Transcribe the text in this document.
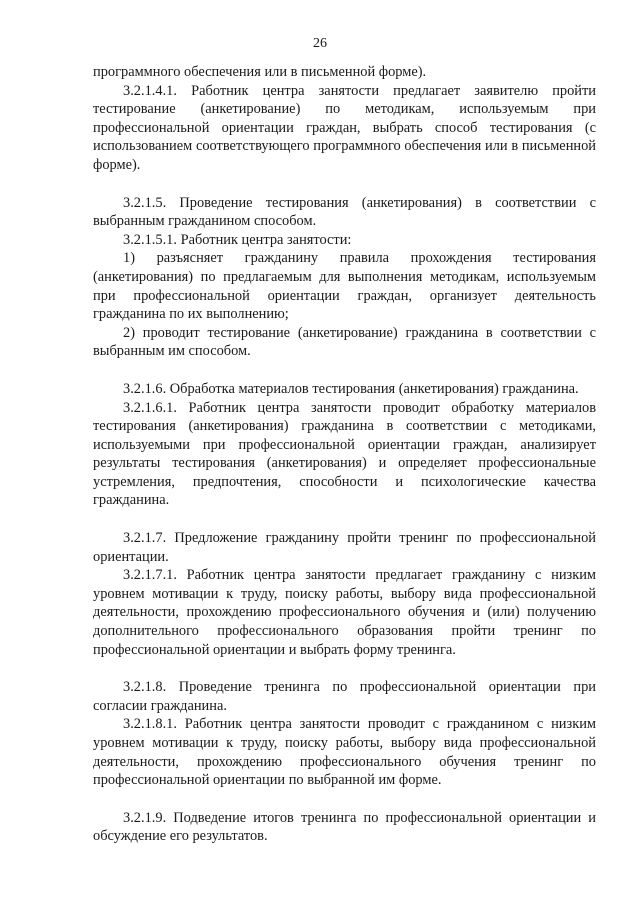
26

программного обеспечения или в письменной форме).

3.2.1.4.1. Работник центра занятости предлагает заявителю пройти тестирование (анкетирование) по методикам, используемым при профессиональной ориентации граждан, выбрать способ тестирования (с использованием соответствующего программного обеспечения или в письменной форме).

3.2.1.5. Проведение тестирования (анкетирования) в соответствии с выбранным гражданином способом.

3.2.1.5.1. Работник центра занятости:

1) разъясняет гражданину правила прохождения тестирования (анкетирования) по предлагаемым для выполнения методикам, используемым при профессиональной ориентации граждан, организует деятельность гражданина по их выполнению;

2) проводит тестирование (анкетирование) гражданина в соответствии с выбранным им способом.

3.2.1.6. Обработка материалов тестирования (анкетирования) гражданина.

3.2.1.6.1. Работник центра занятости проводит обработку материалов тестирования (анкетирования) гражданина в соответствии с методиками, используемыми при профессиональной ориентации граждан, анализирует результаты тестирования (анкетирования) и определяет профессиональные устремления, предпочтения, способности и психологические качества гражданина.

3.2.1.7. Предложение гражданину пройти тренинг по профессиональной ориентации.

3.2.1.7.1. Работник центра занятости предлагает гражданину с низким уровнем мотивации к труду, поиску работы, выбору вида профессиональной деятельности, прохождению профессионального обучения и (или) получению дополнительного профессионального образования пройти тренинг по профессиональной ориентации и выбрать форму тренинга.

3.2.1.8. Проведение тренинга по профессиональной ориентации при согласии гражданина.

3.2.1.8.1. Работник центра занятости проводит с гражданином с низким уровнем мотивации к труду, поиску работы, выбору вида профессиональной деятельности, прохождению профессионального обучения тренинг по профессиональной ориентации по выбранной им форме.

3.2.1.9. Подведение итогов тренинга по профессиональной ориентации и обсуждение его результатов.
